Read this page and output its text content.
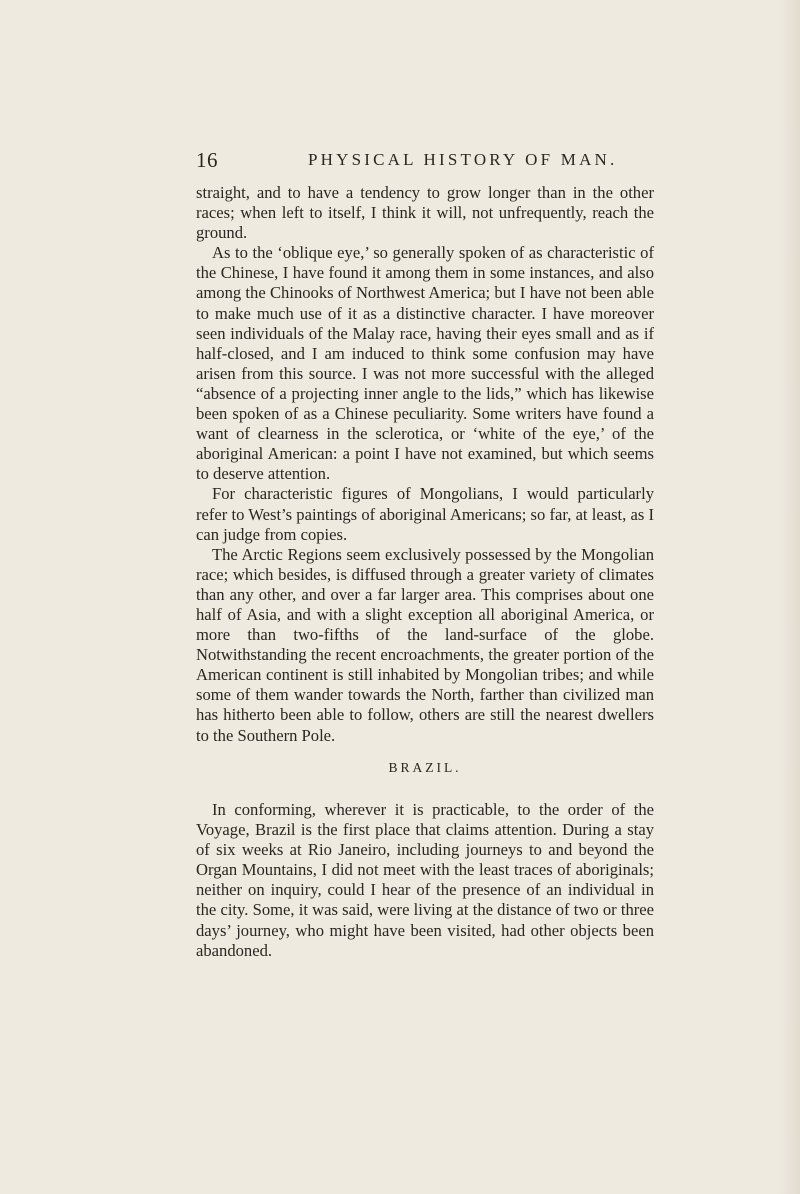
16	PHYSICAL HISTORY OF MAN.

straight, and to have a tendency to grow longer than in the other races; when left to itself, I think it will, not unfrequently, reach the ground.

As to the ‘oblique eye,’ so generally spoken of as characteristic of the Chinese, I have found it among them in some instances, and also among the Chinooks of Northwest America; but I have not been able to make much use of it as a distinctive character. I have moreover seen individuals of the Malay race, having their eyes small and as if half-closed, and I am induced to think some confusion may have arisen from this source. I was not more successful with the alleged “absence of a projecting inner angle to the lids,” which has likewise been spoken of as a Chinese peculiarity. Some writers have found a want of clearness in the sclerotica, or ‘white of the eye,’ of the aboriginal American: a point I have not examined, but which seems to deserve attention.

For characteristic figures of Mongolians, I would particularly refer to West’s paintings of aboriginal Americans; so far, at least, as I can judge from copies.

The Arctic Regions seem exclusively possessed by the Mongolian race; which besides, is diffused through a greater variety of climates than any other, and over a far larger area. This comprises about one half of Asia, and with a slight exception all aboriginal America, or more than two-fifths of the land-surface of the globe. Notwithstanding the recent encroachments, the greater portion of the American continent is still inhabited by Mongolian tribes; and while some of them wander towards the North, farther than civilized man has hitherto been able to follow, others are still the nearest dwellers to the Southern Pole.

BRAZIL.

In conforming, wherever it is practicable, to the order of the Voyage, Brazil is the first place that claims attention. During a stay of six weeks at Rio Janeiro, including journeys to and beyond the Organ Mountains, I did not meet with the least traces of aboriginals; neither on inquiry, could I hear of the presence of an individual in the city. Some, it was said, were living at the distance of two or three days’ journey, who might have been visited, had other objects been abandoned.
